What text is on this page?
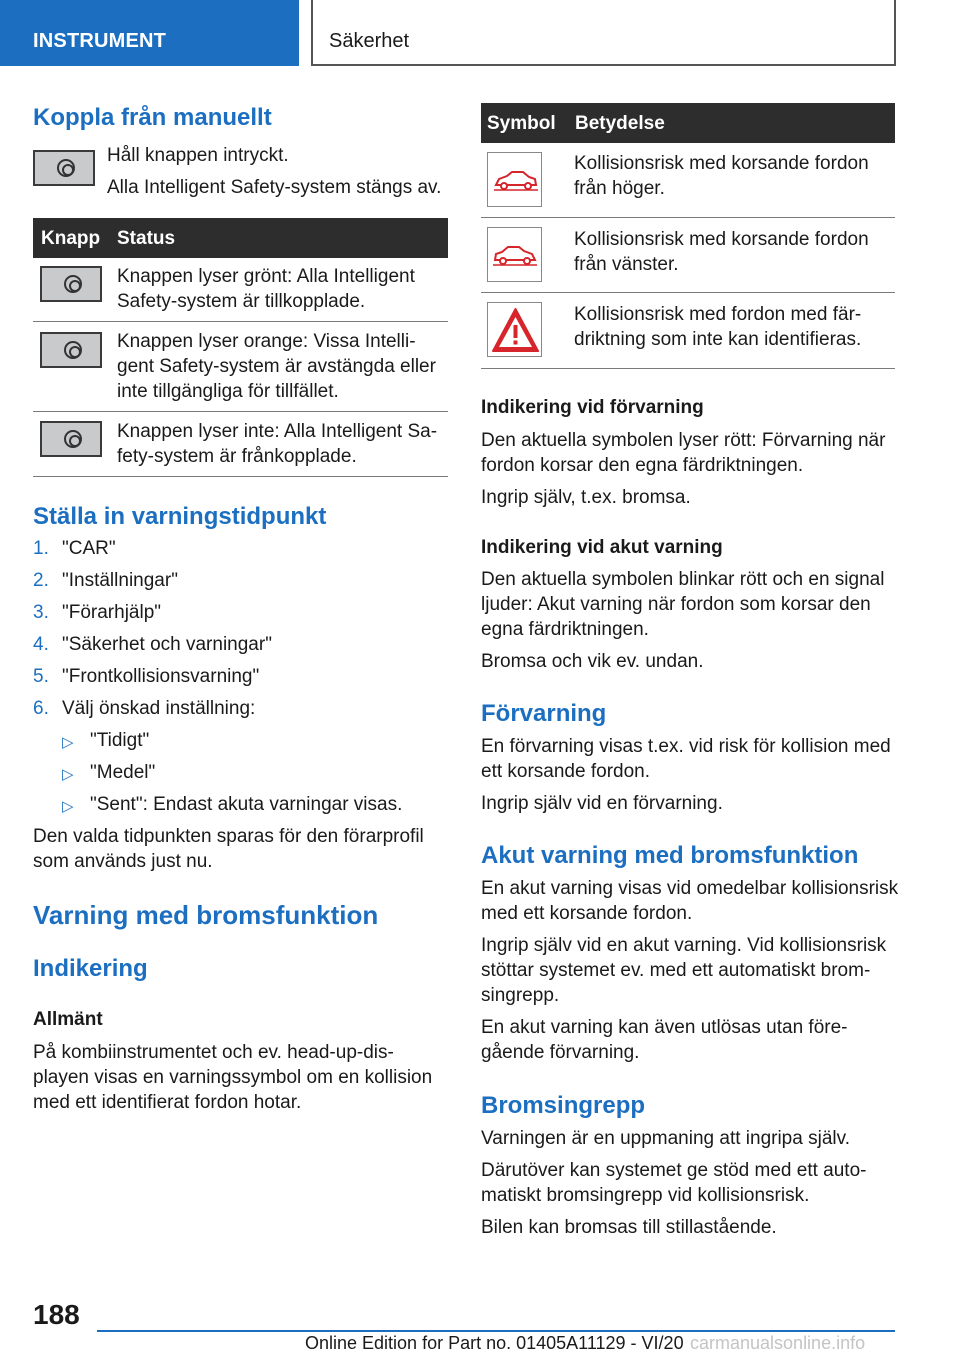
INSTRUMENT	Säkerhet
Koppla från manuellt

Håll knappen intryckt.

Alla Intelligent Safety-system stängs av.

Knapp Status

Knappen lyser grönt: Alla Intelligent

Safety-system är tillkopplade.

Knappen lyser orange: Vissa Intelli-

gent Safety-system är avstängda eller

inte tillgängliga för tillfället.

Knappen lyser inte: Alla Intelligent Sa-

fety-system är frånkopplade.

Ställa in varningstidpunkt
1. "CAR"
2. "Inställningar"
3. "Förarhjälp"
4. "Säkerhet och varningar"
5. "Frontkollisionsvarning"
6. Välj önskad inställning:
▷ "Tidigt"
▷ "Medel"
▷ "Sent": Endast akuta varningar visas.

Den valda tidpunkten sparas för den förarprofil

som används just nu.

Varning med bromsfunktion
Indikering
Allmänt

På kombiinstrumentet och ev. head-up-dis-

playen visas en varningssymbol om en kollision

med ett identifierat fordon hotar.

Symbol Betydelse

Kollisionsrisk med korsande fordon

från höger.

Kollisionsrisk med korsande fordon

från vänster.

Kollisionsrisk med fordon med fär-

driktning som inte kan identifieras.

Indikering vid förvarning

Den aktuella symbolen lyser rött: Förvarning när

fordon korsar den egna färdriktningen.

Ingrip själv, t.ex. bromsa.

Indikering vid akut varning

Den aktuella symbolen blinkar rött och en signal

ljuder: Akut varning när fordon som korsar den

egna färdriktningen.

Bromsa och vik ev. undan.

Förvarning

En förvarning visas t.ex. vid risk för kollision med

ett korsande fordon.

Ingrip själv vid en förvarning.

Akut varning med bromsfunktion

En akut varning visas vid omedelbar kollisionsrisk

med ett korsande fordon.

Ingrip själv vid en akut varning. Vid kollisionsrisk

stöttar systemet ev. med ett automatiskt brom-

singrepp.

En akut varning kan även utlösas utan före-

gående förvarning.

Bromsingrepp

Varningen är en uppmaning att ingripa själv.

Därutöver kan systemet ge stöd med ett auto-

matiskt bromsingrepp vid kollisionsrisk.

Bilen kan bromsas till stillastående.

188
Online Edition for Part no. 01405A11129 - VI/20 carmanualsonline.info
